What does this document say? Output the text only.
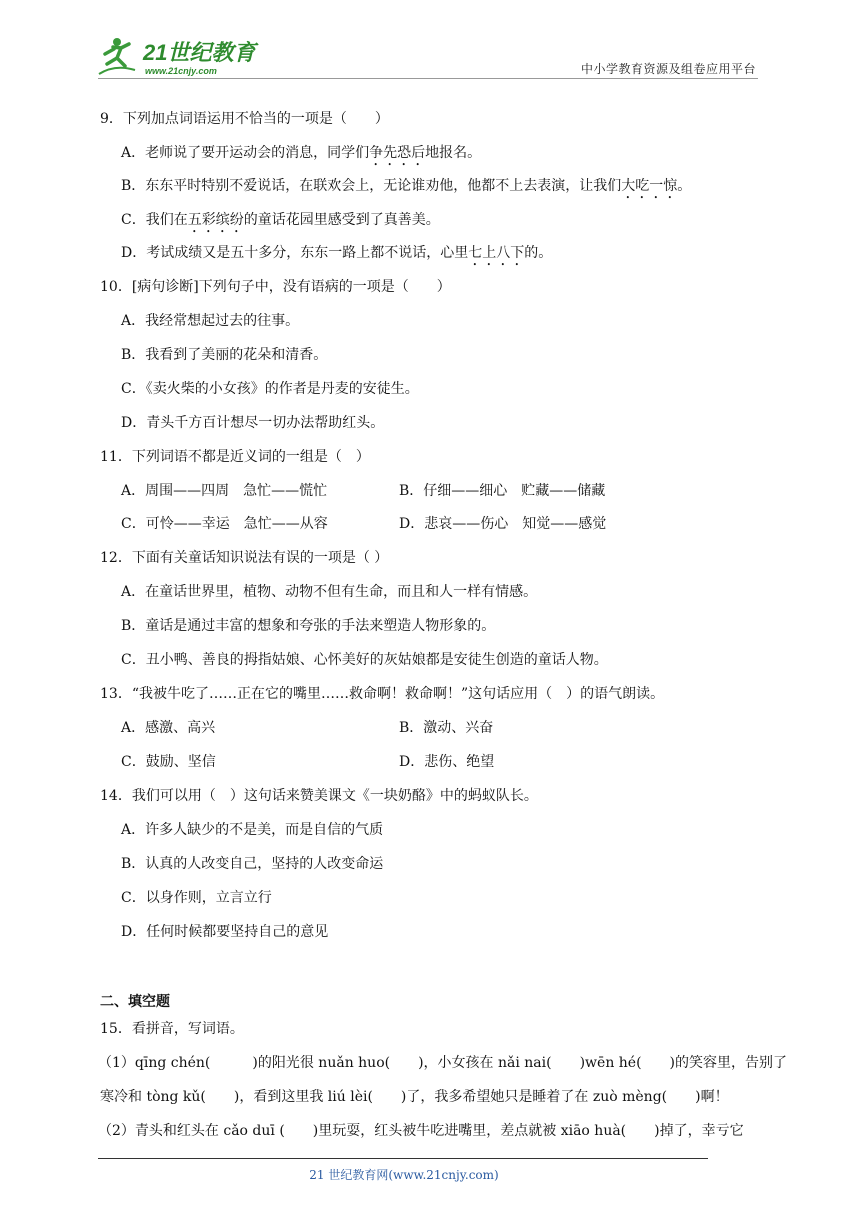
21世纪教育
www.21cnjy.com	中小学教育资源及组卷应用平台
9．下列加点词语运用不恰当的一项是（　　）
A．老师说了要开运动会的消息，同学们争先恐后地报名。
B．东东平时特别不爱说话，在联欢会上，无论谁劝他，他都不上去表演，让我们大吃一惊。
C．我们在五彩缤纷的童话花园里感受到了真善美。
D．考试成绩又是五十多分，东东一路上都不说话，心里七上八下的。
10．[病句诊断]下列句子中，没有语病的一项是（　　）
A．我经常想起过去的往事。
B．我看到了美丽的花朵和清香。
C．《卖火柴的小女孩》的作者是丹麦的安徒生。
D．青头千方百计想尽一切办法帮助红头。
11．下列词语不都是近义词的一组是（　）
A．周围——四周　急忙——慌忙	B．仔细——细心　贮藏——储藏
C．可怜——幸运　急忙——从容	D．悲哀——伤心　知觉——感觉
12．下面有关童话知识说法有误的一项是（ ）
A．在童话世界里，植物、动物不但有生命，而且和人一样有情感。
B．童话是通过丰富的想象和夸张的手法来塑造人物形象的。
C．丑小鸭、善良的拇指姑娘、心怀美好的灰姑娘都是安徒生创造的童话人物。
13．“我被牛吃了……正在它的嘴里……救命啊！救命啊！”这句话应用（　）的语气朗读。
A．感激、高兴	B．激动、兴奋
C．鼓励、坚信	D．悲伤、绝望
14．我们可以用（　）这句话来赞美课文《一块奶酪》中的蚂蚁队长。
A．许多人缺少的不是美，而是自信的气质
B．认真的人改变自己，坚持的人改变命运
C．以身作则，立言立行
D．任何时候都要坚持自己的意见
二、填空题
15．看拼音，写词语。
（1）qīng chén(　　　)的阳光很 nuǎn huo(　　)，小女孩在 nǎi nai(　　)wēn hé(　　)的笑容里，告别了
寒冷和 tòng kǔ(　　)，看到这里我 liú lèi(　　)了，我多希望她只是睡着了在 zuò mèng(　　)啊！
（2）青头和红头在 cǎo duī (　　)里玩耍，红头被牛吃进嘴里，差点就被 xiāo huà(　　)掉了，幸亏它
21 世纪教育网(www.21cnjy.com)
